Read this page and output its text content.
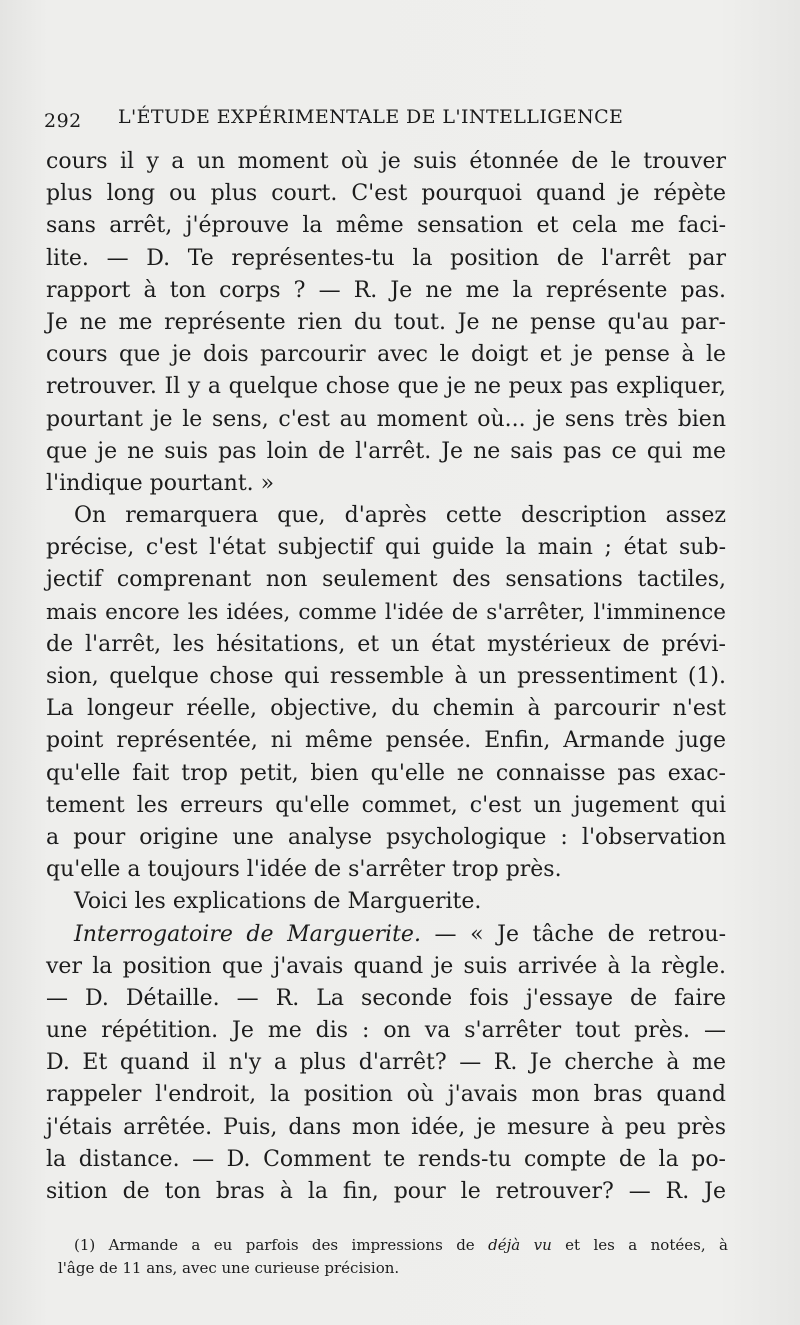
292 L'ÉTUDE EXPÉRIMENTALE DE L'INTELLIGENCE
cours il y a un moment où je suis étonnée de le trouver
plus long ou plus court. C'est pourquoi quand je répète
sans arrêt, j'éprouve la même sensation et cela me faci-
lite. — D. Te représentes-tu la position de l'arrêt par
rapport à ton corps ? — R. Je ne me la représente pas.
Je ne me représente rien du tout. Je ne pense qu'au par-
cours que je dois parcourir avec le doigt et je pense à le
retrouver. Il y a quelque chose que je ne peux pas expliquer,
pourtant je le sens, c'est au moment où... je sens très bien
que je ne suis pas loin de l'arrêt. Je ne sais pas ce qui me
l'indique pourtant. »
On remarquera que, d'après cette description assez
précise, c'est l'état subjectif qui guide la main ; état sub-
jectif comprenant non seulement des sensations tactiles,
mais encore les idées, comme l'idée de s'arrêter, l'imminence
de l'arrêt, les hésitations, et un état mystérieux de prévi-
sion, quelque chose qui ressemble à un pressentiment (1).
La longeur réelle, objective, du chemin à parcourir n'est
point représentée, ni même pensée. Enfin, Armande juge
qu'elle fait trop petit, bien qu'elle ne connaisse pas exac-
tement les erreurs qu'elle commet, c'est un jugement qui
a pour origine une analyse psychologique : l'observation
qu'elle a toujours l'idée de s'arrêter trop près.
Voici les explications de Marguerite.
Interrogatoire de Marguerite. — « Je tâche de retrou-
ver la position que j'avais quand je suis arrivée à la règle.
— D. Détaille. — R. La seconde fois j'essaye de faire
une répétition. Je me dis : on va s'arrêter tout près. —
D. Et quand il n'y a plus d'arrêt? — R. Je cherche à me
rappeler l'endroit, la position où j'avais mon bras quand
j'étais arrêtée. Puis, dans mon idée, je mesure à peu près
la distance. — D. Comment te rends-tu compte de la po-
sition de ton bras à la fin, pour le retrouver? — R. Je
(1) Armande a eu parfois des impressions de déjà vu et les a notées, à
l'âge de 11 ans, avec une curieuse précision.
